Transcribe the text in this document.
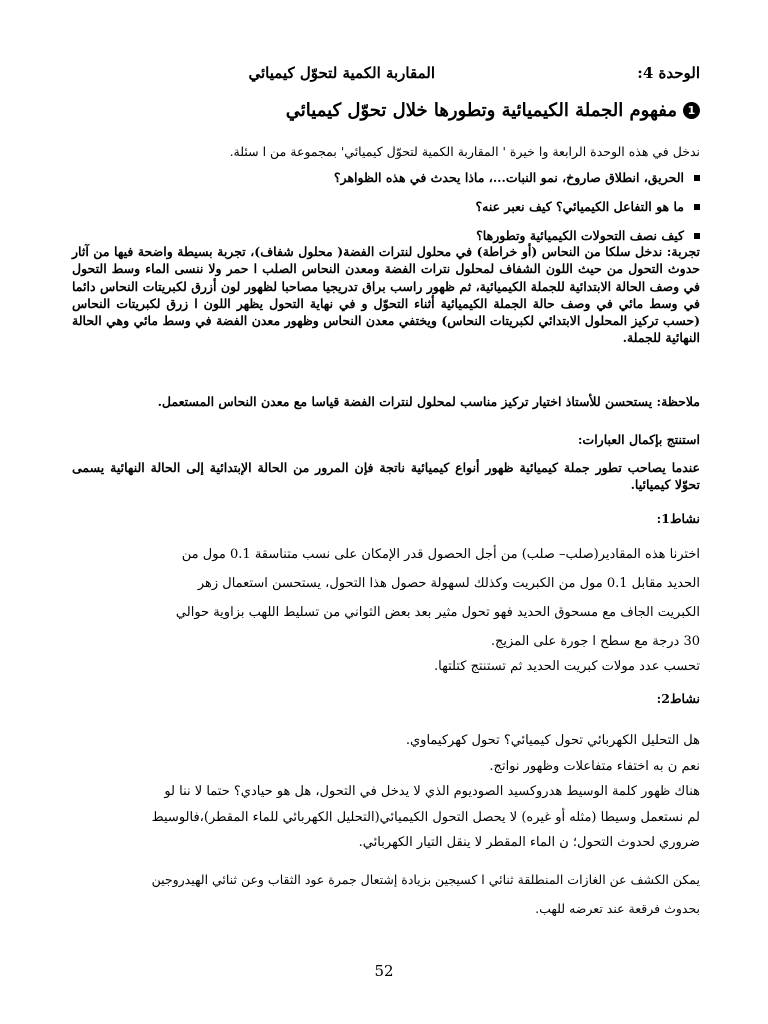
الوحدة 4:
المقاربة الكمية لتحوّل كيميائي
1مفهوم الجملة الكيميائية وتطورها خلال تحوّل كيميائي
ندخل في هذه الوحدة الرابعة وا خيرة ' المقاربة الكمية لتحوّل كيميائي' بمجموعة من ا سئلة.
الحريق، انطلاق صاروخ، نمو النبات...، ماذا يحدث في هذه الظواهر؟
ما هو التفاعل الكيميائي؟ كيف نعبر عنه؟
كيف نصف التحولات الكيميائية وتطورها؟
تجربة: ندخل سلكا من النحاس (أو خراطة) في محلول لنترات الفضة( محلول شفاف)، تجربة بسيطة واضحة فيها من آثار حدوث التحول من حيث اللون الشفاف لمحلول نترات الفضة ومعدن النحاس الصلب ا حمر ولا ننسى الماء وسط التحول في وصف الحالة الابتدائية للجملة الكيميائية، ثم ظهور راسب براق تدريجيا مصاحبا لظهور لون أزرق لكبريتات النحاس دائما في وسط مائي في وصف حالة الجملة الكيميائية أثناء التحوّل و في نهاية التحول يظهر اللون ا زرق لكبريتات النحاس (حسب تركيز المحلول الابتدائي لكبريتات النحاس) ويختفي معدن النحاس وظهور معدن الفضة في وسط مائي وهي الحالة النهائية للجملة.
ملاحظة: يستحسن للأستاذ اختيار تركيز مناسب لمحلول لنترات الفضة قياسا مع معدن النحاس المستعمل.
استنتج بإكمال العبارات:
عندما يصاحب تطور جملة كيميائية ظهور أنواع كيميائية ناتجة فإن المرور من الحالة الإبتدائية إلى الحالة النهائية يسمى تحوّلا كيميائيا.
نشاط1:
اخترنا هذه المقادير(صلب– صلب) من أجل الحصول قدر الإمكان على نسب متناسقة 0.1 مول من
الحديد مقابل 0.1 مول من الكبريت وكذلك لسهولة حصول هذا التحول، يستحسن استعمال زهر
الكبريت الجاف مع مسحوق الحديد فهو تحول مثير بعد بعض الثواني من تسليط اللهب بزاوية حوالي
30 درجة مع سطح ا جورة على المزيج.
تحسب عدد مولات كبريت الحديد ثم تستنتج كتلتها.
نشاط2:
هل التحليل الكهربائي تحول كيميائي؟ تحول كهركيماوي.
نعم ن به اختفاء متفاعلات وظهور نواتج.
هناك ظهور كلمة الوسيط هدروكسيد الصوديوم الذي لا يدخل في التحول، هل هو حيادي؟ حتما لا ننا لو
لم نستعمل وسيطا (مثله أو غيره) لا يحصل التحول الكيميائي(التحليل الكهربائي للماء المقطر)،فالوسيط
ضروري لحدوث التحول؛ ن الماء المقطر لا ينقل التيار الكهربائي.
يمكن الكشف عن الغازات المنطلقة ثنائي ا كسيجين بزيادة إشتعال جمرة عود الثقاب وعن ثنائي الهيدروجين
بحدوث فرقعة عند تعرضه للهب.
52
